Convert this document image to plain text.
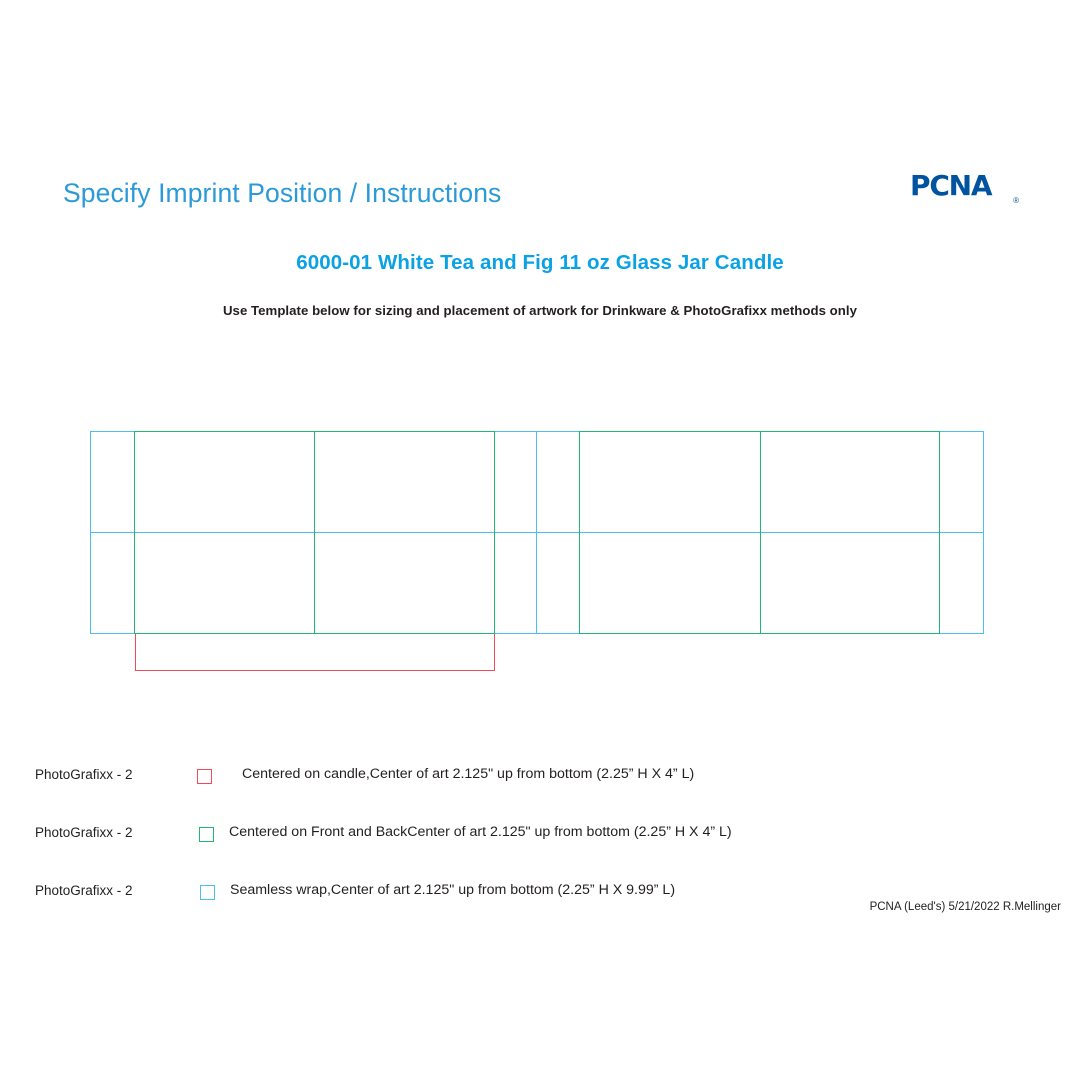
Specify Imprint Position / Instructions	PCNA	®
6000-01 White Tea and Fig 11 oz Glass Jar Candle
Use Template below for sizing and placement of artwork for Drinkware & PhotoGrafixx methods only
PhotoGrafixx - 2	Centered on candle,Center of art 2.125" up from bottom (2.25” H X 4” L)
PhotoGrafixx - 2	Centered on Front and BackCenter of art 2.125" up from bottom (2.25” H X 4” L)
PhotoGrafixx - 2	Seamless wrap,Center of art 2.125" up from bottom (2.25” H X 9.99” L)
PCNA (Leed's) 5/21/2022 R.Mellinger
